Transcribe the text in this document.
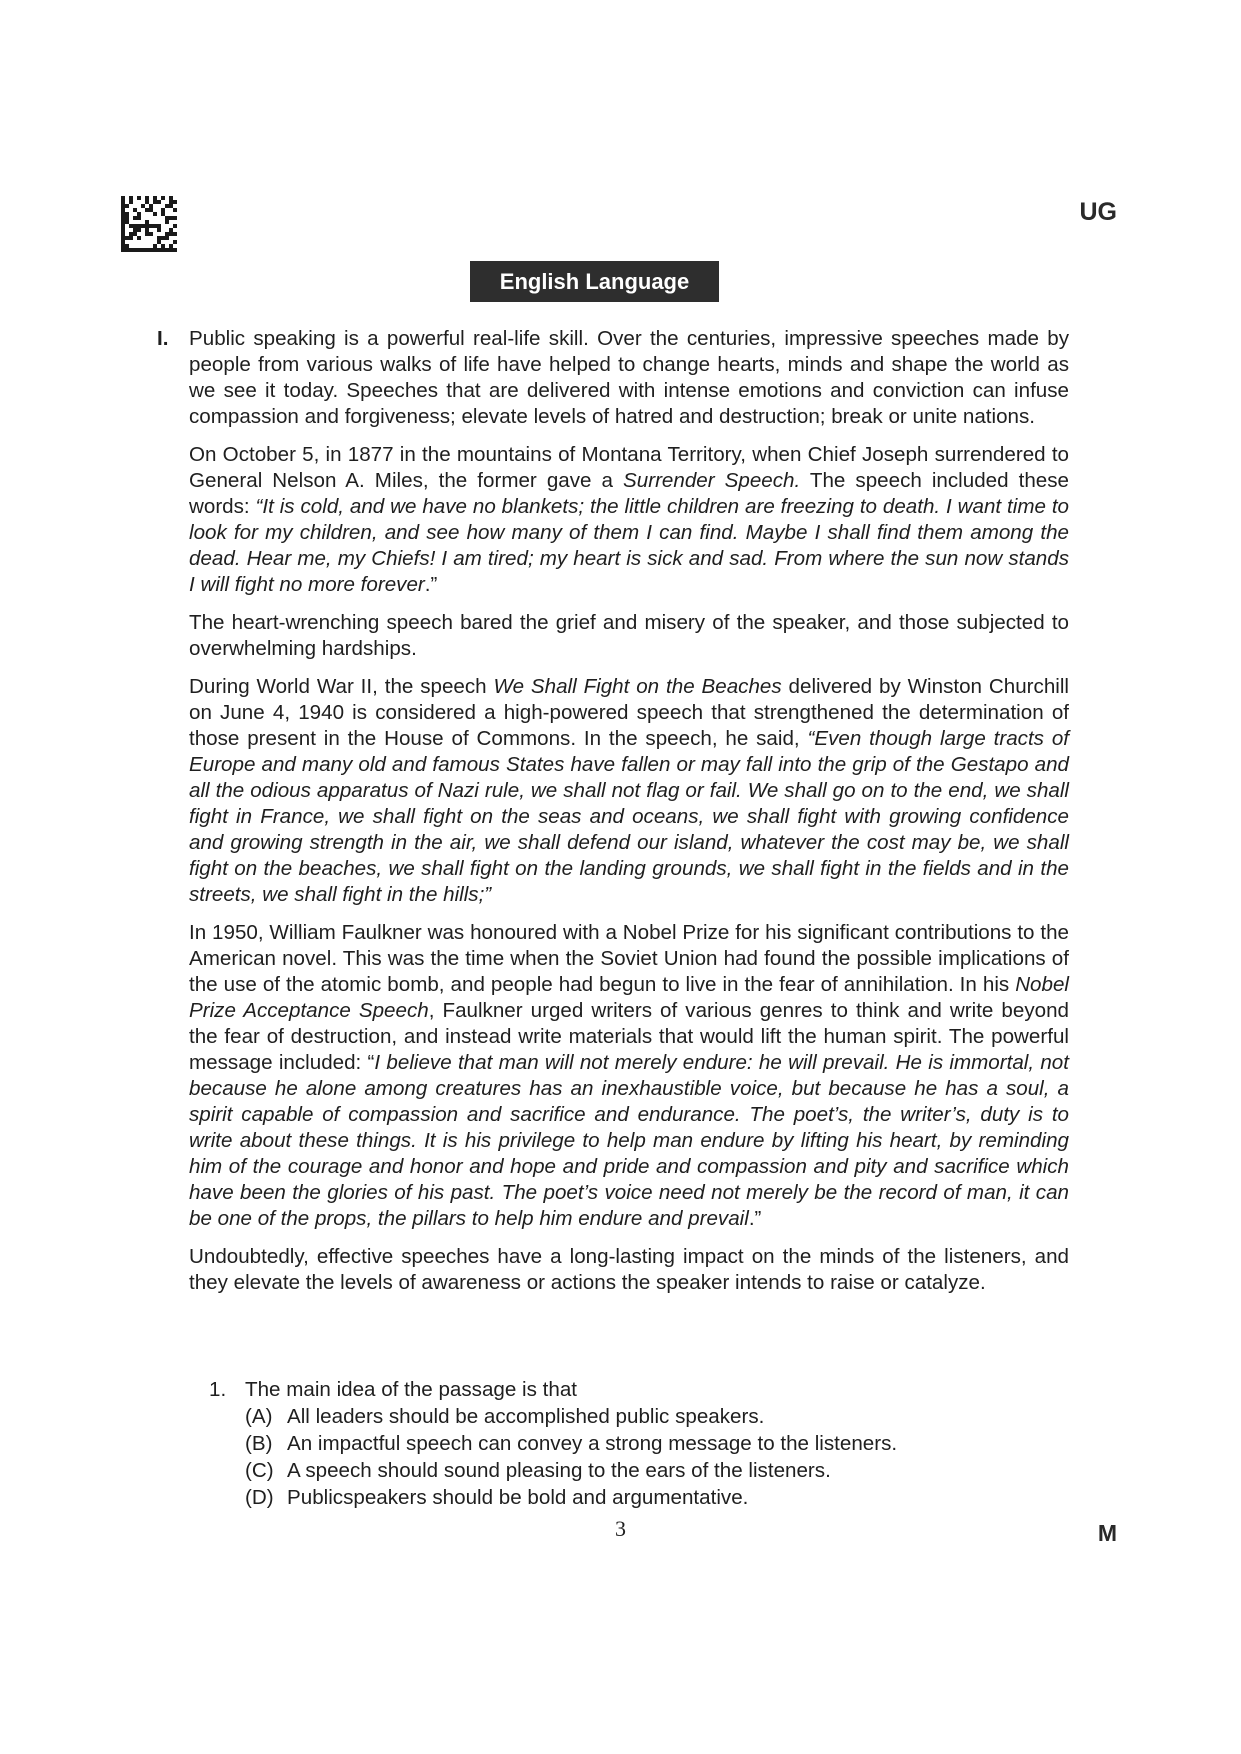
UG
English Language
I. Public speaking is a powerful real-life skill. Over the centuries, impressive speeches made by people from various walks of life have helped to change hearts, minds and shape the world as we see it today. Speeches that are delivered with intense emotions and conviction can infuse compassion and forgiveness; elevate levels of hatred and destruction; break or unite nations.

On October 5, in 1877 in the mountains of Montana Territory, when Chief Joseph surrendered to General Nelson A. Miles, the former gave a Surrender Speech. The speech included these words: “It is cold, and we have no blankets; the little children are freezing to death. I want time to look for my children, and see how many of them I can find. Maybe I shall find them among the dead. Hear me, my Chiefs! I am tired; my heart is sick and sad. From where the sun now stands I will fight no more forever.”

The heart-wrenching speech bared the grief and misery of the speaker, and those subjected to overwhelming hardships.

During World War II, the speech We Shall Fight on the Beaches delivered by Winston Churchill on June 4, 1940 is considered a high-powered speech that strengthened the determination of those present in the House of Commons. In the speech, he said, “Even though large tracts of Europe and many old and famous States have fallen or may fall into the grip of the Gestapo and all the odious apparatus of Nazi rule, we shall not flag or fail. We shall go on to the end, we shall fight in France, we shall fight on the seas and oceans, we shall fight with growing confidence and growing strength in the air, we shall defend our island, whatever the cost may be, we shall fight on the beaches, we shall fight on the landing grounds, we shall fight in the fields and in the streets, we shall fight in the hills;”

In 1950, William Faulkner was honoured with a Nobel Prize for his significant contributions to the American novel. This was the time when the Soviet Union had found the possible implications of the use of the atomic bomb, and people had begun to live in the fear of annihilation. In his Nobel Prize Acceptance Speech, Faulkner urged writers of various genres to think and write beyond the fear of destruction, and instead write materials that would lift the human spirit. The powerful message included: “I believe that man will not merely endure: he will prevail. He is immortal, not because he alone among creatures has an inexhaustible voice, but because he has a soul, a spirit capable of compassion and sacrifice and endurance. The poet’s, the writer’s, duty is to write about these things. It is his privilege to help man endure by lifting his heart, by reminding him of the courage and honor and hope and pride and compassion and pity and sacrifice which have been the glories of his past. The poet’s voice need not merely be the record of man, it can be one of the props, the pillars to help him endure and prevail.”

Undoubtedly, effective speeches have a long-lasting impact on the minds of the listeners, and they elevate the levels of awareness or actions the speaker intends to raise or catalyze.

1. The main idea of the passage is that
(A) All leaders should be accomplished public speakers.
(B) An impactful speech can convey a strong message to the listeners.
(C) A speech should sound pleasing to the ears of the listeners.
(D) Publicspeakers should be bold and argumentative.
3	M
